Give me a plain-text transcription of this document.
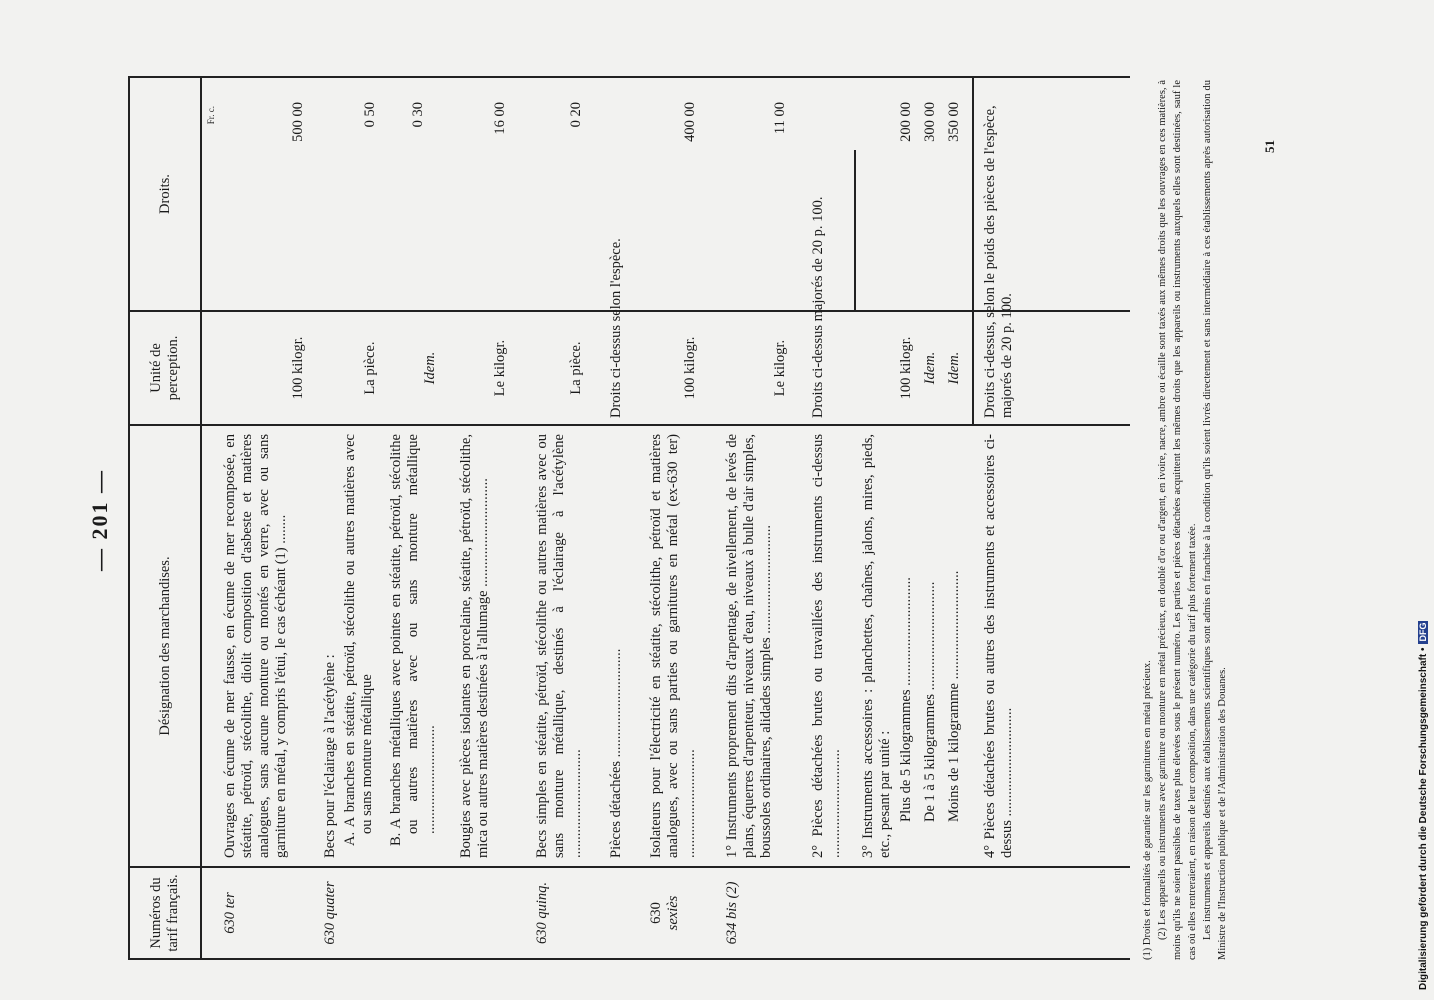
— 201 —
Numéros du tarif français.
Désignation des marchandises.
Unité de perception.
Droits.
Fr. c.
630 ter
Ouvrages en écume de mer fausse, en écume de mer recomposée, en stéatite, pétroïd, stécolithe, diolit composition d'asbeste et matières analogues, sans aucune monture ou montés en verre, avec ou sans garniture en métal, y compris l'étui, le cas échéant (1) ........
100 kilogr.
500 00
630 quater
Becs pour l'éclairage à l'acétylène : A. A branches en stéatite, pétroïd, stécolithe ou autres matières avec ou sans monture métallique
La pièce.
0 50
B. A branches métalliques avec pointes en stéatite, pétroïd, stécolithe ou autres matières avec ou sans monture métallique ..............................
Idem.
0 30
Bougies avec pièces isolantes en porcelaine, stéatite, pétroïd, stécolithe, mica ou autres matières destinées à l'allumage ..............................
Le kilogr.
16 00
630 quinq.
Becs simples en stéatite, pétroïd, stécolithe ou autres matières avec ou sans monture métallique, destinés à l'éclairage à l'acétylène ..............................
La pièce.
0 20
Pièces détachées ..............................
Droits ci-dessus selon l'espèce.
630
sexiès
Isolateurs pour l'électricité en stéatite, stécolithe, pétroïd et matières analogues, avec ou sans parties ou garnitures en métal (ex-630 ter) ..............................
100 kilogr.
400 00
634 bis (2)
1° Instruments proprement dits d'arpentage, de nivellement, de levés de plans, équerres d'arpenteur, niveaux d'eau, niveaux à bulle d'air simples, boussoles ordinaires, alidades simples ..............................
Le kilogr.
11 00
2° Pièces détachées brutes ou travaillées des instruments ci-dessus ..............................
Droits ci-dessus majorés de 20 p. 100.
3° Instruments accessoires : planchettes, chaînes, jalons, mires, pieds, etc., pesant par unité : Plus de 5 kilogrammes ..............................
100 kilogr.
200 00
De 1 à 5 kilogrammes ..............................
Idem.
300 00
Moins de 1 kilogramme ..............................
Idem.
350 00
4° Pièces détachées brutes ou autres des instruments et accessoires ci-dessus ..............................
Droits ci-dessus, selon le poids des pièces de l'espèce, majorés de 20 p. 100.

(1) Droits et formalités de garantie sur les garnitures en métal précieux. (2) Les appareils ou instruments avec garniture ou monture en métal précieux, en doublé d'or ou d'argent, en ivoire, nacre, ambre ou écaille sont taxés aux mêmes droits que les ouvrages en ces matières, à moins qu'ils ne soient passibles de taxes plus élevées sous le présent numéro. Les parties et pièces détachées acquittent les mêmes droits que les appareils ou instruments auxquels elles sont destinées, sauf le cas où elles rentreraient, en raison de leur composition, dans une catégorie du tarif plus fortement taxée. Les instruments et appareils destinés aux établissements scientifiques sont admis en franchise à la condition qu'ils soient livrés directement et sans intermédiaire à ces établissements après autorisation du Ministre de l'Instruction publique et de l'Administration des Douanes.

51
Digitalisierung gefördert durch die Deutsche Forschungsgemeinschaft •DFG
